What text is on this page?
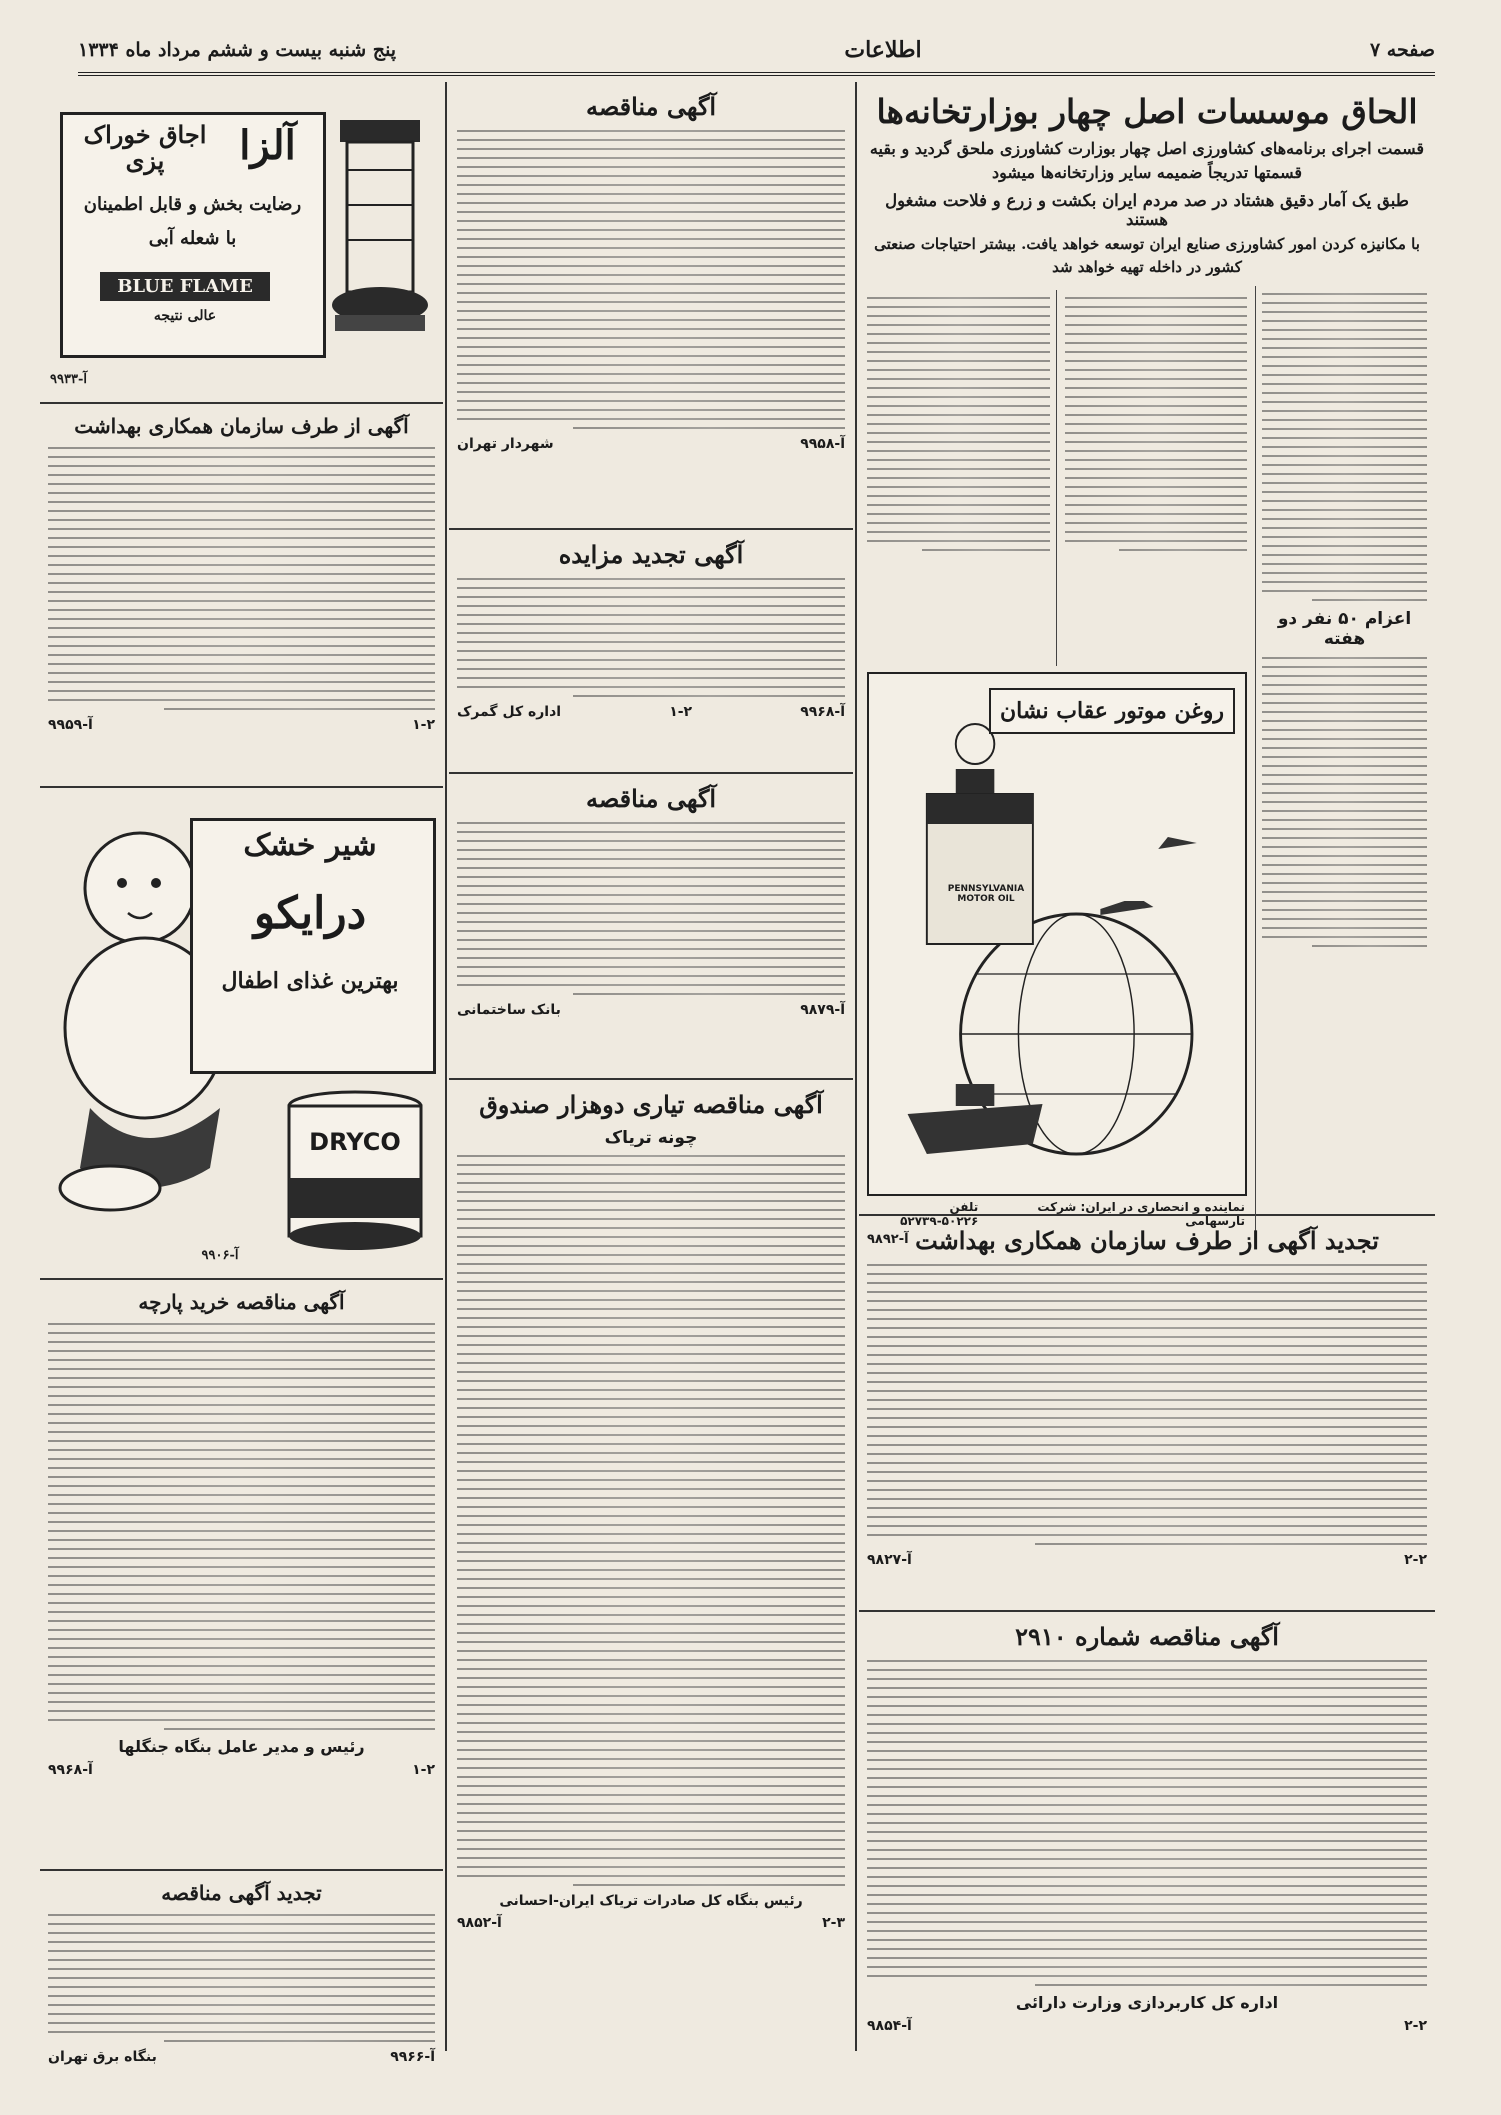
پنج شنبه بیست و ششم مرداد ماه ۱۳۳۴	اطلاعات	صفحه ۷
الحاق موسسات اصل چهار بوزارتخانه‌ها
قسمت اجرای برنامه‌های کشاورزی اصل چهار بوزارت کشاورزی ملحق گردید و بقیه قسمتها تدریجاً ضمیمه سایر وزارتخانه‌ها میشود
طبق یک آمار دقیق هشتاد در صد مردم ایران بکشت و زرع و فلاحت مشغول هستند
با مکانیزه کردن امور کشاورزی صنایع ایران توسعه خواهد یافت. بیشتر احتیاجات صنعتی کشور در داخله تهیه خواهد شد
اعزام ۵۰ نفر دو هفته
روغن موتور عقاب نشان
PENNSYLVANIA MOTOR OIL
نماینده و انحصاری در ایران: شرکت تارسهامی
تلفن ۵۰۲۲۶-۵۲۷۳۹
آ-۹۸۹۲ تجدید آگهی از طرف سازمان همکاری بهداشت
۲-۲
آ-۹۸۲۷
آگهی مناقصه شماره ۲۹۱۰
اداره کل کاربردازی وزارت دارائی
۲-۲
آ-۹۸۵۴
آگهی مناقصه
آ-۹۹۵۸
شهردار تهران
آگهی تجدید مزایده
آ-۹۹۶۸
۱-۲
اداره کل گمرک
آگهی مناقصه
آ-۹۸۷۹
بانک ساختمانی
آگهی مناقصه تیاری دوهزار صندوق
چونه تریاک
رئیس بنگاه کل صادرات تریاک ایران-احسانی
۲-۳
آ-۹۸۵۲
آلزا
اجاق خوراک پزی
رضایت بخش و قابل اطمینان
با شعله آبی
BLUE FLAME
عالی نتیجه
آ-۹۹۳۳
آگهی از طرف سازمان همکاری بهداشت
۱-۲
آ-۹۹۵۹
شیر خشک
درایکو
بهترین غذای اطفال
DRYCO
آ-۹۹۰۶
آگهی مناقصه خرید پارچه
رئیس و مدیر عامل بنگاه جنگلها
۱-۲
آ-۹۹۶۸
تجدید آگهی مناقصه
آ-۹۹۶۶
بنگاه برق تهران
